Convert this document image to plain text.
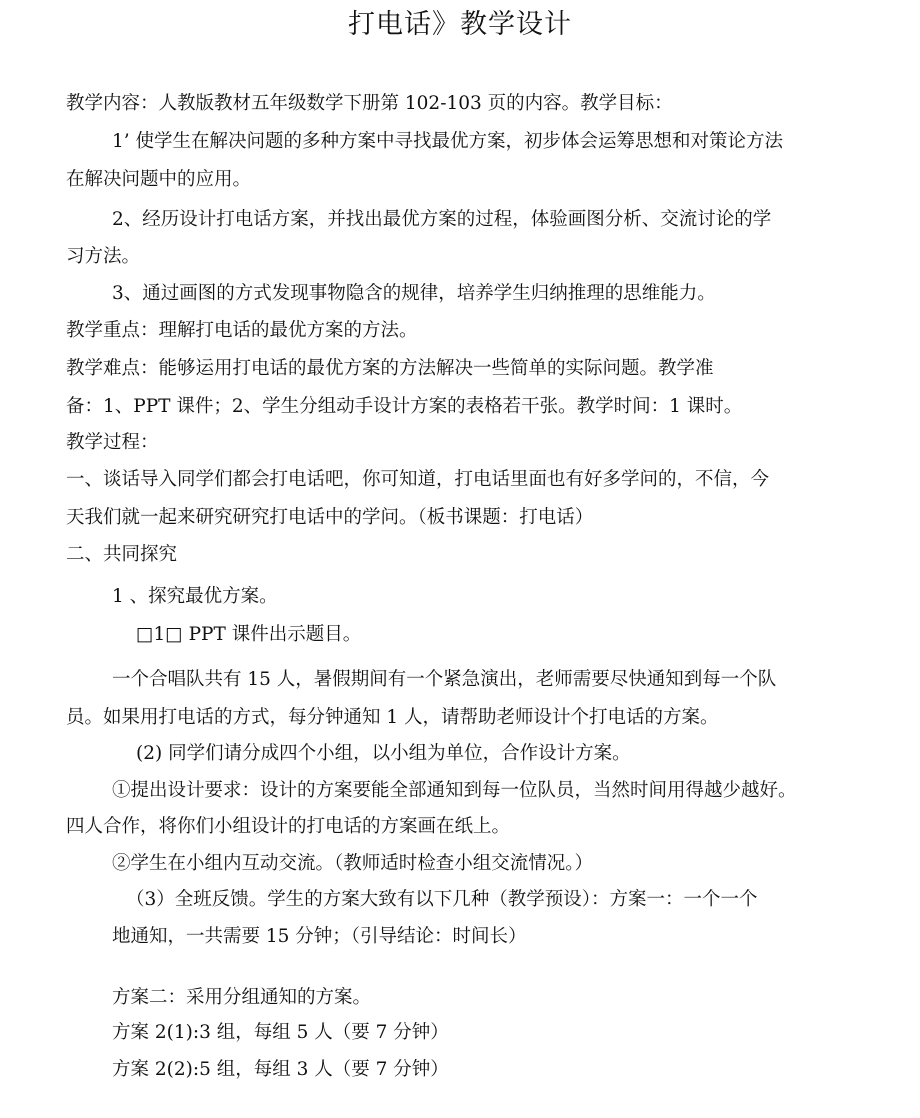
打电话》教学设计
教学内容：人教版教材五年级数学下册第 102-103 页的内容。教学目标：
1’ 使学生在解决问题的多种方案中寻找最优方案，初步体会运筹思想和对策论方法
在解决问题中的应用。
2、经历设计打电话方案，并找出最优方案的过程，体验画图分析、交流讨论的学
习方法。
3、通过画图的方式发现事物隐含的规律，培养学生归纳推理的思维能力。
教学重点：理解打电话的最优方案的方法。
教学难点：能够运用打电话的最优方案的方法解决一些简单的实际问题。教学准
备：1、PPT 课件；2、学生分组动手设计方案的表格若干张。教学时间：1 课时。
教学过程：
一、谈话导入同学们都会打电话吧，你可知道，打电话里面也有好多学问的，不信，今
天我们就一起来研究研究打电话中的学问。（板书课题：打电话）
二、共同探究
1 、探究最优方案。
□1□ PPT 课件出示题目。
一个合唱队共有 15 人，暑假期间有一个紧急演出，老师需要尽快通知到每一个队
员。如果用打电话的方式，每分钟通知 1 人，请帮助老师设计个打电话的方案。
(2) 同学们请分成四个小组，以小组为单位，合作设计方案。
①提出设计要求：设计的方案要能全部通知到每一位队员，当然时间用得越少越好。
四人合作，将你们小组设计的打电话的方案画在纸上。
②学生在小组内互动交流。（教师适时检查小组交流情况。）
（3）全班反馈。学生的方案大致有以下几种（教学预设）：方案一：一个一个
地通知，一共需要 15 分钟；（引导结论：时间长）
方案二：采用分组通知的方案。
方案 2(1):3 组，每组 5 人（要 7 分钟）
方案 2(2):5 组，每组 3 人（要 7 分钟）
